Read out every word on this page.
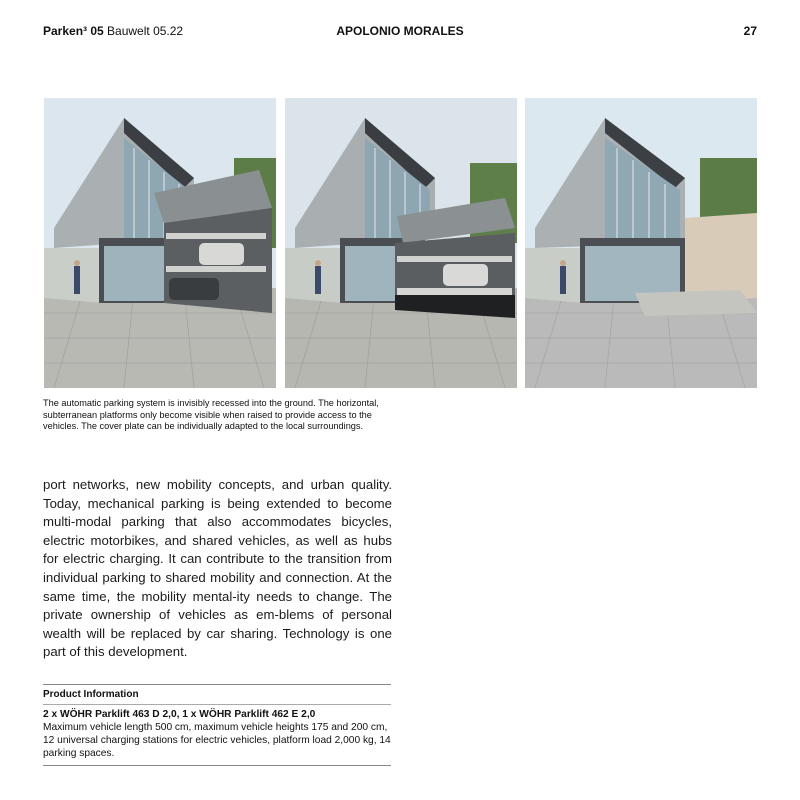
Parken³ 05 Bauwelt 05.22	APOLONIO MORALES	27
The automatic parking system is invisibly recessed into the ground. The horizontal, subterranean platforms only become visible when raised to provide access to the vehicles. The cover plate can be individually adapted to the local surroundings.

port networks, new mobility concepts, and urban quality. Today, mechanical parking is being extended to become multi-modal parking that also accommodates bicycles, electric motorbikes, and shared vehicles, as well as hubs for electric charging. It can contribute to the transition from individual parking to shared mobility and connection. At the same time, the mobility mental-ity needs to change. The private ownership of vehicles as em-blems of personal wealth will be replaced by car sharing. Technology is one part of this development.

Product Information
2 x WÖHR Parklift 463 D 2,0, 1 x WÖHR Parklift 462 E 2,0
Maximum vehicle length 500 cm, maximum vehicle heights 175 and 200 cm, 12 universal charging stations for electric vehicles, platform load 2,000 kg, 14 parking spaces.
